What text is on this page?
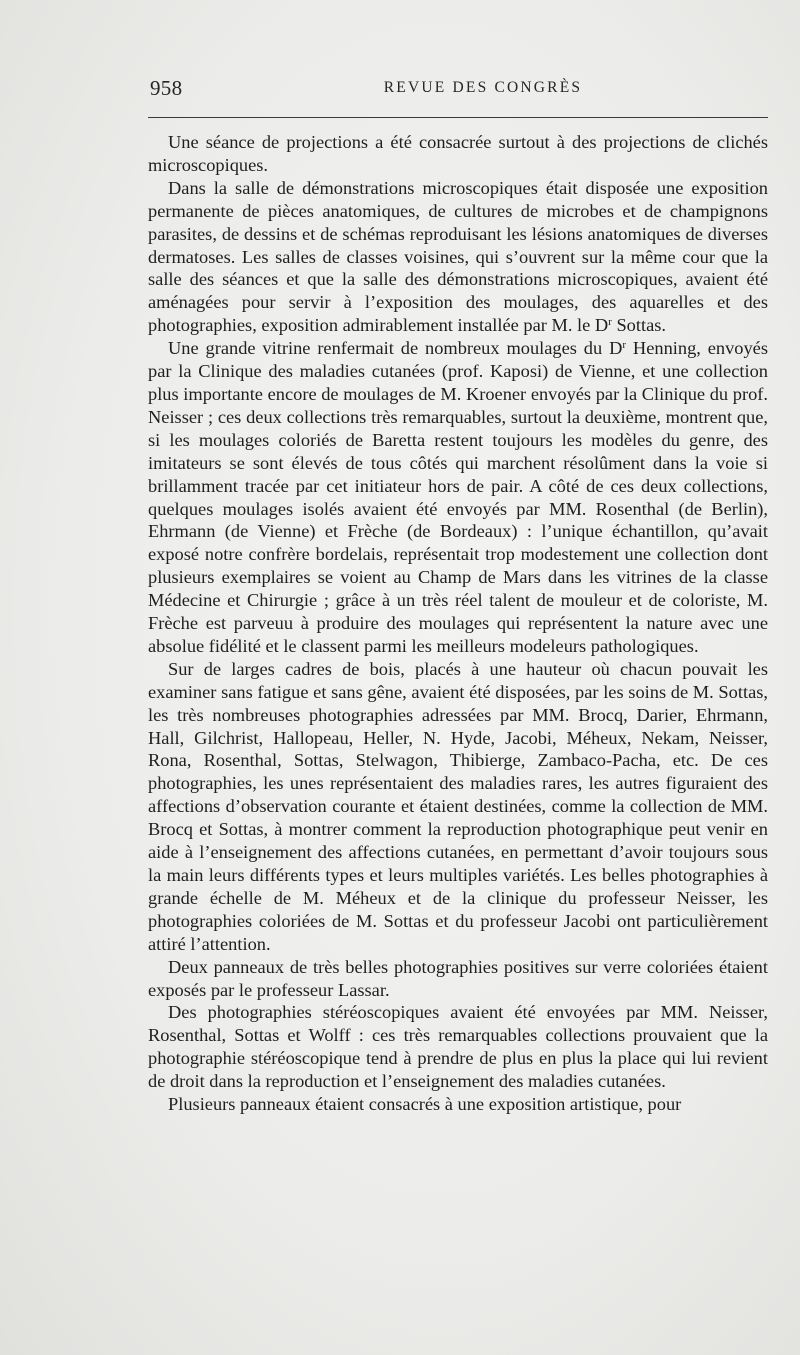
958	REVUE DES CONGRÈS

Une séance de projections a été consacrée surtout à des projections de clichés microscopiques.

Dans la salle de démonstrations microscopiques était disposée une exposition permanente de pièces anatomiques, de cultures de microbes et de champignons parasites, de dessins et de schémas reproduisant les lésions anatomiques de diverses dermatoses. Les salles de classes voisines, qui s’ouvrent sur la même cour que la salle des séances et que la salle des démonstrations microscopiques, avaient été aménagées pour servir à l’exposition des moulages, des aquarelles et des photographies, exposition admirablement installée par M. le $D^r$ Sottas.

Une grande vitrine renfermait de nombreux moulages du $D^r$ Henning, envoyés par la Clinique des maladies cutanées (prof. Kaposi) de Vienne, et une collection plus importante encore de moulages de M. Kroener envoyés par la Clinique du prof. Neisser ; ces deux collections très remarquables, surtout la deuxième, montrent que, si les moulages coloriés de Baretta restent toujours les modèles du genre, des imitateurs se sont élevés de tous côtés qui marchent résolûment dans la voie si brillamment tracée par cet initiateur hors de pair. A côté de ces deux collections, quelques moulages isolés avaient été envoyés par MM. Rosenthal (de Berlin), Ehrmann (de Vienne) et Frèche (de Bordeaux) : l’unique échantillon, qu’avait exposé notre confrère bordelais, représentait trop modestement une collection dont plusieurs exemplaires se voient au Champ de Mars dans les vitrines de la classe Médecine et Chirurgie ; grâce à un très réel talent de mouleur et de coloriste, M. Frèche est parveuu à produire des moulages qui représentent la nature avec une absolue fidélité et le classent parmi les meilleurs modeleurs pathologiques.

Sur de larges cadres de bois, placés à une hauteur où chacun pouvait les examiner sans fatigue et sans gêne, avaient été disposées, par les soins de M. Sottas, les très nombreuses photographies adressées par MM. Brocq, Darier, Ehrmann, Hall, Gilchrist, Hallopeau, Heller, N. Hyde, Jacobi, Méheux, Nekam, Neisser, Rona, Rosenthal, Sottas, Stelwagon, Thibierge, Zambaco-Pacha, etc. De ces photographies, les unes représentaient des maladies rares, les autres figuraient des affections d’observation courante et étaient destinées, comme la collection de MM. Brocq et Sottas, à montrer comment la reproduction photographique peut venir en aide à l’enseignement des affections cutanées, en permettant d’avoir toujours sous la main leurs différents types et leurs multiples variétés. Les belles photographies à grande échelle de M. Méheux et de la clinique du professeur Neisser, les photographies coloriées de M. Sottas et du professeur Jacobi ont particulièrement attiré l’attention.

Deux panneaux de très belles photographies positives sur verre coloriées étaient exposés par le professeur Lassar.

Des photographies stéréoscopiques avaient été envoyées par MM. Neisser, Rosenthal, Sottas et Wolff : ces très remarquables collections prouvaient que la photographie stéréoscopique tend à prendre de plus en plus la place qui lui revient de droit dans la reproduction et l’enseignement des maladies cutanées.

Plusieurs panneaux étaient consacrés à une exposition artistique, pour
